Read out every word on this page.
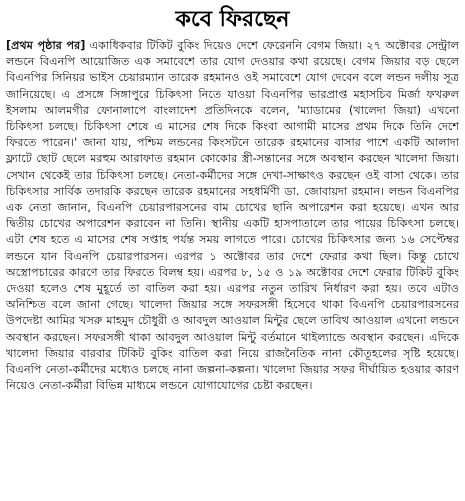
কবে ফিরছেন

[প্রথম পৃষ্ঠার পর] একাধিকবার টিকিট বুকিং দিয়েও দেশে ফেরেননি বেগম জিয়া। ২৭ অক্টোবর সেন্ট্রাল লন্ডনে বিএনপি আয়োজিত এক সমাবেশে তার যোগ দেওয়ার কথা রয়েছে। বেগম জিয়ার বড় ছেলে বিএনপির সিনিয়র ভাইস চেয়ারম্যান তারেক রহমানও ওই সমাবেশে যোগ দেবেন বলে লন্ডন দলীয় সূত্র জানিয়েছে। এ প্রসঙ্গে সিঙ্গাপুরে চিকিৎসা নিতে যাওয়া বিএনপির ভারপ্রাপ্ত মহাসচিব মির্জা ফখরুল ইসলাম আলমগীর ফোনালাপে বাংলাদেশ প্রতিদিনকে বলেন, 'ম্যাডামের (খালেদা জিয়া) এখনো চিকিৎসা চলছে। চিকিৎসা শেষে এ মাসের শেষ দিকে কিংবা আগামী মাসের প্রথম দিকে তিনি দেশে ফিরতে পারেন।' জানা যায়, পশ্চিম লন্ডনের কিংসটনে তারেক রহমানের বাসার পাশে একটি আলাদা ফ্ল্যাটে ছোট ছেলে মরহুম আরাফাত রহমান কোকোর স্ত্রী-সন্তানের সঙ্গে অবস্থান করছেন খালেদা জিয়া। সেখান থেকেই তার চিকিৎসা চলছে। নেতা-কর্মীদের সঙ্গে দেখা-সাক্ষাৎও করছেন ওই বাসা থেকে। তার চিকিৎসার সার্বিক তদারকি করছেন তারেক রহমানের সহধর্মিণী ডা. জোবায়দা রহমান। লন্ডন বিএনপির এক নেতা জানান, বিএনপি চেয়ারপারসনের বাম চোখের ছানি অপারেশন করা হয়েছে। এখন আর দ্বিতীয় চোখের অপারেশন করাবেন না তিনি। স্থানীয় একটি হাসপাতালে তার পায়ের চিকিৎসা চলছে। এটা শেষ হতে এ মাসের শেষ সপ্তাহ পর্যন্ত সময় লাগতে পারে। চোখের চিকিৎসার জন্য ১৬ সেপ্টেম্বর লন্ডনে যান বিএনপি চেয়ারপারসন। এরপর ১ অক্টোবর তার দেশে ফেরার কথা ছিল। কিন্তু চোখে অস্ত্রোপচারের কারণে তার ফিরতে বিলম্ব হয়। এরপর ৮, ১৫ ও ১৯ অক্টোবর দেশে ফেরার টিকিট বুকিং দেওয়া হলেও শেষ মুহূর্তে তা বাতিল করা হয়। এরপর নতুন তারিখ নির্ধারণ করা হয়। তবে এটাও অনিশ্চিত বলে জানা গেছে। খালেদা জিয়ার সঙ্গে সফরসঙ্গী হিসেবে থাকা বিএনপি চেয়ারপারসনের উপদেষ্টা আমির খসরু মাহমুদ চৌধুরী ও আবদুল আওয়াল মিন্টুর ছেলে তাবিথ আওয়াল এখনো লন্ডনে অবস্থান করছেন। সফরসঙ্গী থাকা আবদুল আওয়াল মিন্টু বর্তমানে থাইল্যান্ডে অবস্থান করছেন। এদিকে খালেদা জিয়ার বারবার টিকিট বুকিং বাতিল করা নিয়ে রাজনৈতিক নানা কৌতূহলের সৃষ্টি হয়েছে। বিএনপি নেতা-কর্মীদের মধ্যেও চলছে নানা জল্পনা-কল্পনা। খালেদা জিয়ার সফর দীর্ঘায়িত হওয়ার কারণ নিয়েও নেতা-কর্মীরা বিভিন্ন মাধ্যমে লন্ডনে যোগাযোগের চেষ্টা করছেন।
